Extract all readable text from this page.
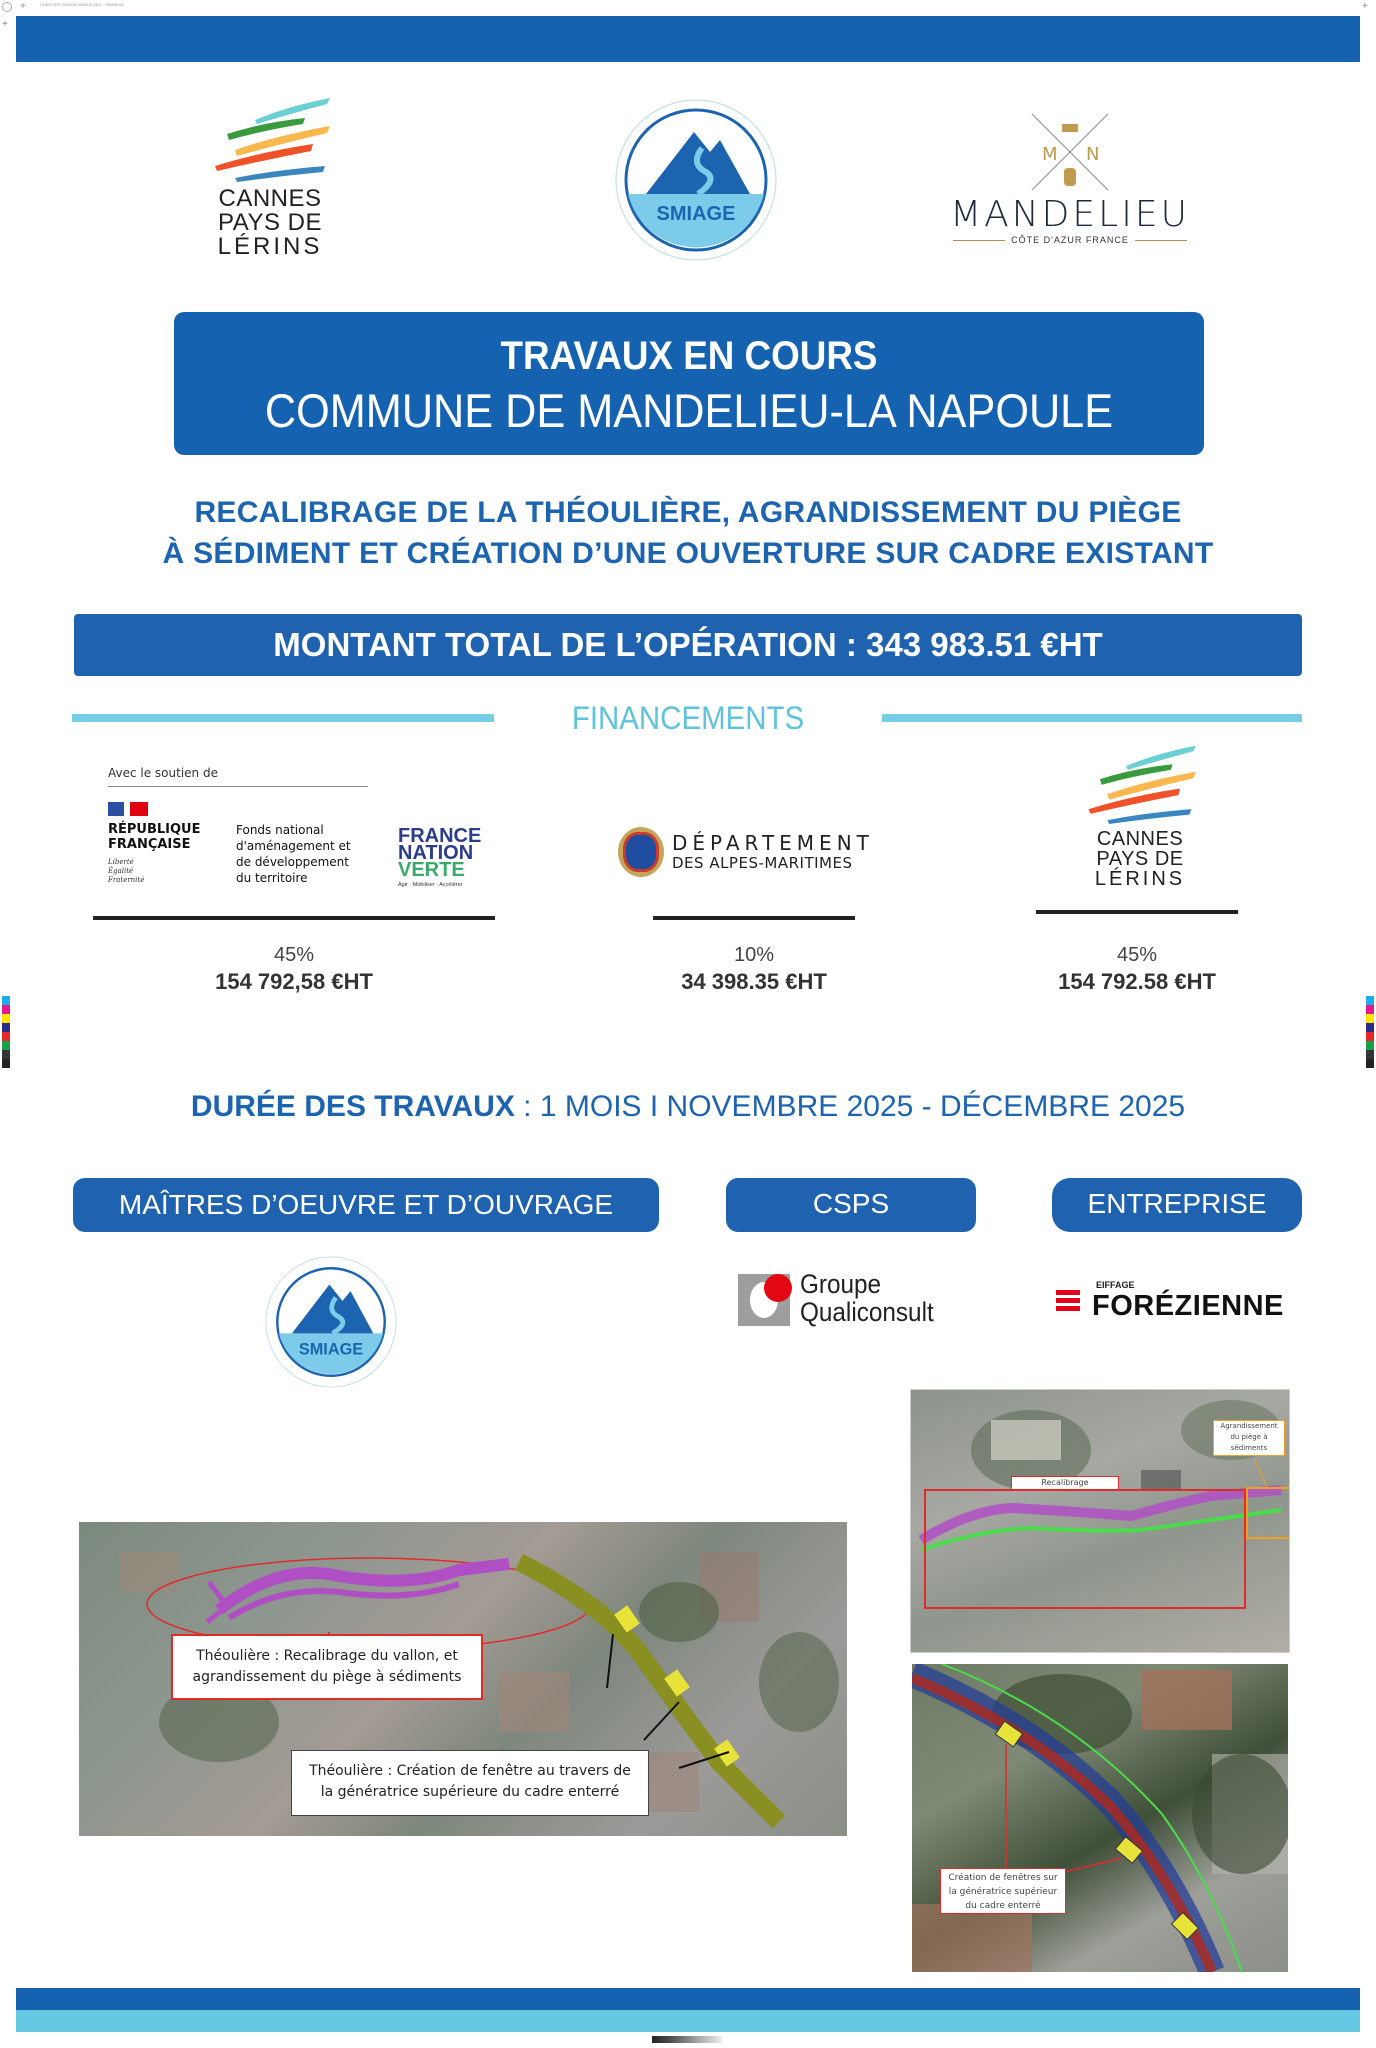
+
+
+
CHANTIER SMIAGE MANDELIEU - PANNEAU
CANNES
PAYS DE
LÉRINS
SMIAGE
M N
MANDELIEU
CÔTE D'AZUR FRANCE
TRAVAUX EN COURS
COMMUNE DE MANDELIEU-LA NAPOULE
RECALIBRAGE DE LA THÉOULIÈRE, AGRANDISSEMENT DU PIÈGE
À SÉDIMENT ET CRÉATION D’UNE OUVERTURE SUR CADRE EXISTANT
MONTANT TOTAL DE L’OPÉRATION : 343 983.51 €HT
FINANCEMENTS
Avec le soutien de
RÉPUBLIQUE
FRANÇAISE
Liberté
Égalité
Fraternité
Fonds national
d'aménagement et
de développement
du territoire
FRANCE
NATION
VERTE
Agir · Mobiliser · Accélérer
45%
154 792,58 €HT
DÉPARTEMENT
DES ALPES-MARITIMES
10%
34 398.35 €HT
CANNES
PAYS DE
LÉRINS
45%
154 792.58 €HT
DURÉE DES TRAVAUX : 1 MOIS I NOVEMBRE 2025 - DÉCEMBRE 2025
MAÎTRES D’OEUVRE ET D’OUVRAGE	CSPS	ENTREPRISE
SMIAGE
Groupe
Qualiconsult
EIFFAGE
FORÉZIENNE
Théoulière : Recalibrage du vallon, et
agrandissement du piège à sédiments
Théoulière : Création de fenêtre au travers de
la génératrice supérieure du cadre enterré
Recalibrage
Agrandissement
du piège à
sédiments
Création de fenêtres sur
la génératrice supérieur
du cadre enterré
